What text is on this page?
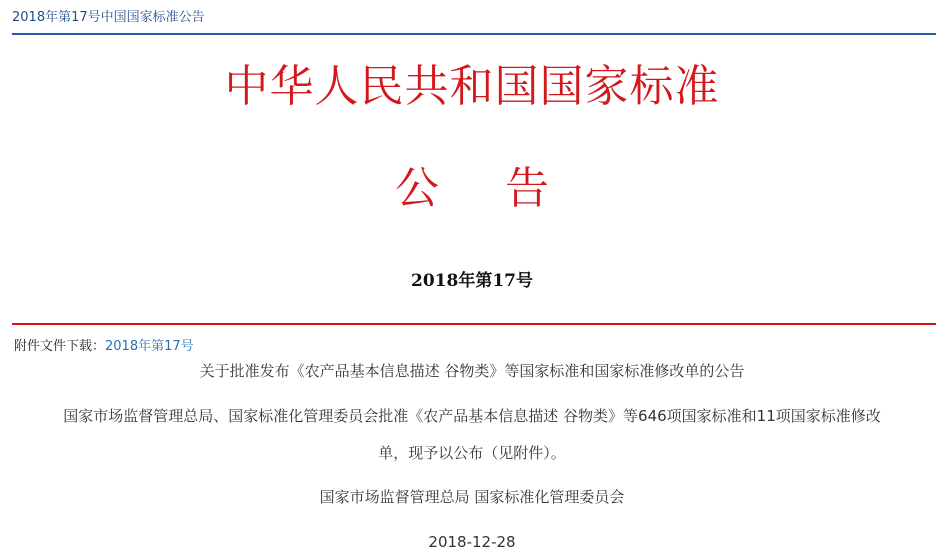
2018年第17号中国国家标准公告
中华人民共和国国家标准
公告
2018年第17号
附件文件下载：2018年第17号
关于批准发布《农产品基本信息描述 谷物类》等国家标准和国家标准修改单的公告
国家市场监督管理总局、国家标准化管理委员会批准《农产品基本信息描述 谷物类》等646项国家标准和11项国家标准修改
单，现予以公布（见附件）。
国家市场监督管理总局 国家标准化管理委员会
2018-12-28
